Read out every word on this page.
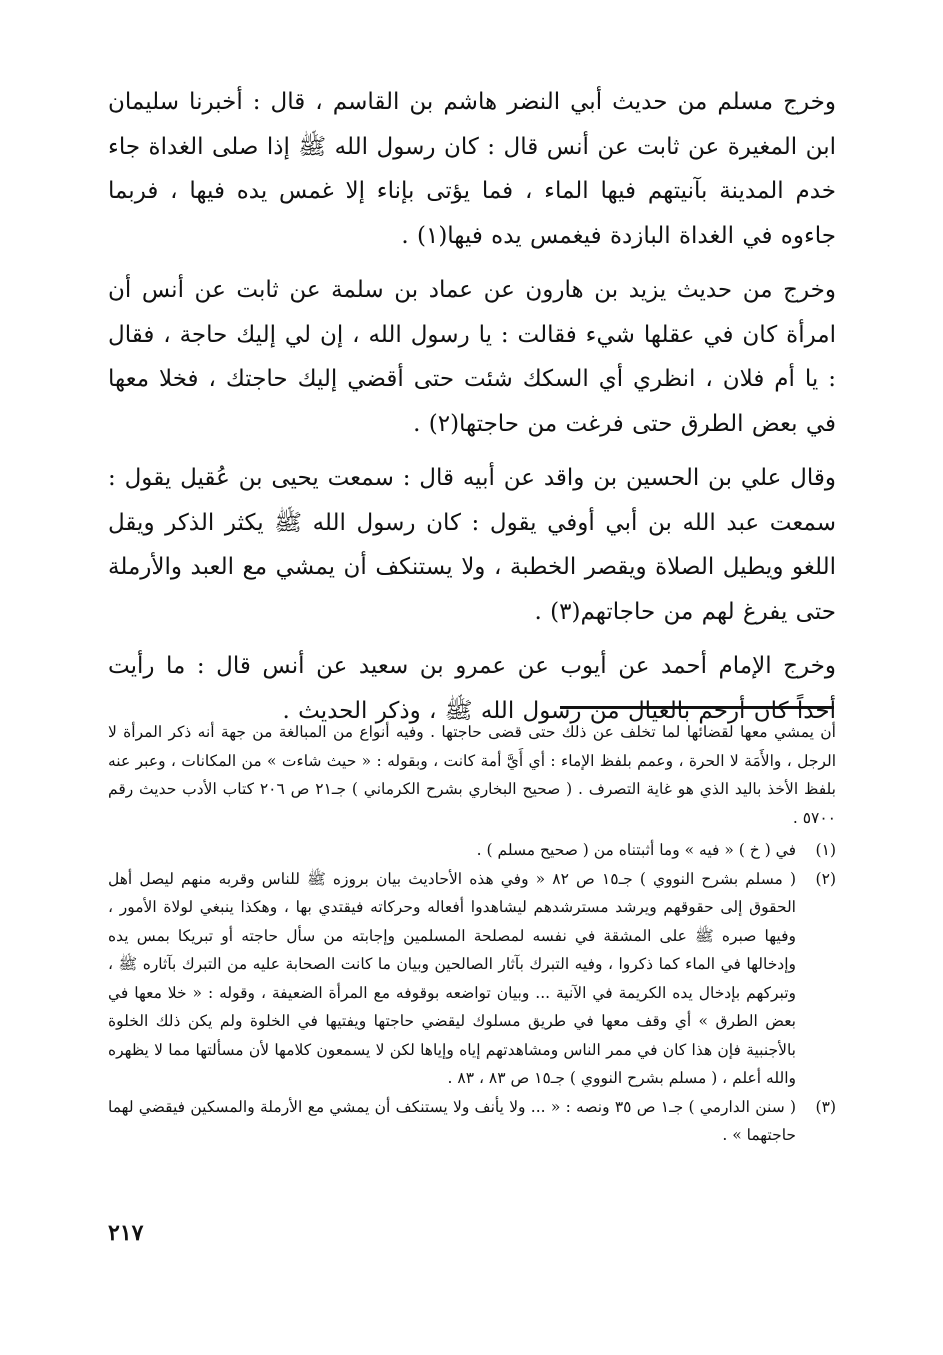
وخرج مسلم من حديث أبي النضر هاشم بن القاسم ، قال : أخبرنا سليمان ابن المغيرة عن ثابت عن أنس قال : كان رسول الله ﷺ إذا صلى الغداة جاء خدم المدينة بآنيتهم فيها الماء ، فما يؤتى بإناء إلا غمس يده فيها ، فربما جاءوه في الغداة البازدة فيغمس يده فيها(١) .

وخرج من حديث يزيد بن هارون عن عماد بن سلمة عن ثابت عن أنس أن امرأة كان في عقلها شيء فقالت : يا رسول الله ، إن لي إليك حاجة ، فقال : يا أم فلان ، انظري أي السكك شئت حتى أقضي إليك حاجتك ، فخلا معها في بعض الطرق حتى فرغت من حاجتها(٢) .

وقال علي بن الحسين بن واقد عن أبيه قال : سمعت يحيى بن عُقيل يقول : سمعت عبد الله بن أبي أوفي يقول : كان رسول الله ﷺ يكثر الذكر ويقل اللغو ويطيل الصلاة ويقصر الخطبة ، ولا يستنكف أن يمشي مع العبد والأرملة حتى يفرغ لهم من حاجاتهم(٣) .

وخرج الإمام أحمد عن أيوب عن عمرو بن سعيد عن أنس قال : ما رأيت أحداً كان أرحم بالعيال من رسول الله ﷺ ، وذكر الحديث .

أن يمشي معها لقضائها لما تخلف عن ذلك حتى قضى حاجتها . وفيه أنواع من المبالغة من جهة أنه ذكر المرأة لا الرجل ، والأَمَة لا الحرة ، وعمم بلفظ الإماء : أي أَيَّ أمة كانت ، وبقوله : « حيث شاءت » من المكانات ، وعبر عنه بلفظ الأخذ باليد الذي هو غاية التصرف . ( صحيح البخاري بشرح الكرماني ) جـ٢١ ص ٢٠٦ كتاب الأدب حديث رقم ٥٧٠٠ .

(١)
في ( خ ) « فيه » وما أثبتناه من ( صحيح مسلم ) .
(٢)
( مسلم بشرح النووي ) جـ١٥ ص ٨٢ « وفي هذه الأحاديث بيان بروزه ﷺ للناس وقربه منهم ليصل أهل الحقوق إلى حقوقهم ويرشد مسترشدهم ليشاهدوا أفعاله وحركاته فيقتدي بها ، وهكذا ينبغي لولاة الأمور ، وفيها صبره ﷺ على المشقة في نفسه لمصلحة المسلمين وإجابته من سأل حاجته أو تبريكا بمس يده وإدخالها في الماء كما ذكروا ، وفيه التبرك بآثار الصالحين وبيان ما كانت الصحابة عليه من التبرك بآثاره ﷺ ، وتبركهم بإدخال يده الكريمة في الآنية ... وبيان تواضعه بوقوفه مع المرأة الضعيفة ، وقوله : « خلا معها في بعض الطرق » أي وقف معها في طريق مسلوك ليقضي حاجتها ويفتيها في الخلوة ولم يكن ذلك الخلوة بالأجنبية فإن هذا كان في ممر الناس ومشاهدتهم إياه وإياها لكن لا يسمعون كلامها لأن مسألتها مما لا يظهره والله أعلم ، ( مسلم بشرح النووي ) جـ١٥ ص ٨٣ ، ٨٣ .
(٣)
( سنن الدارمي ) جـ١ ص ٣٥ ونصه : « ... ولا يأنف ولا يستنكف أن يمشي مع الأرملة والمسكين فيقضي لهما حاجتهما » .
٢١٧
